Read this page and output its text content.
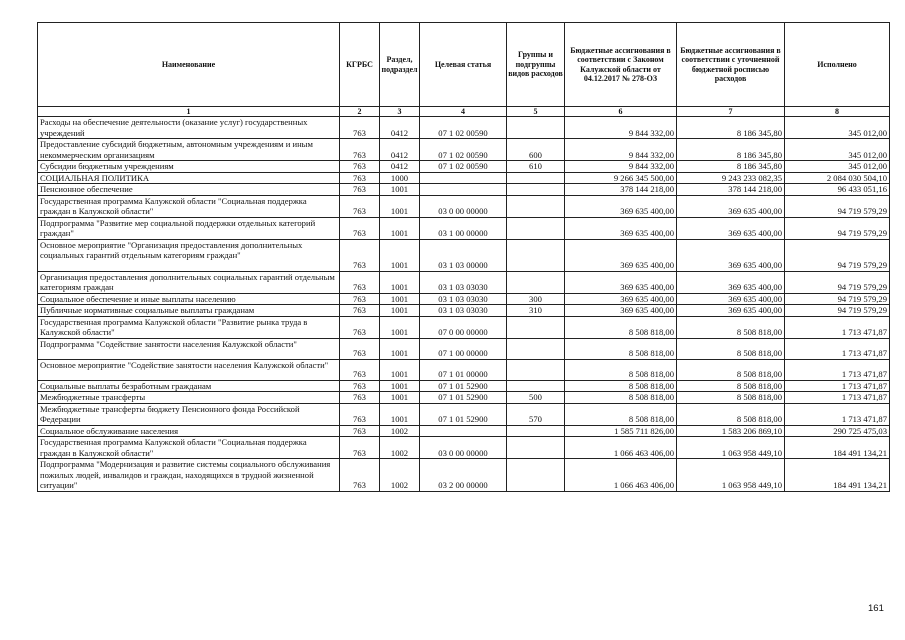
Наименование	КГРБС	Раздел, подраздел	Целевая статья	Группы и подгруппы видов расходов	Бюджетные ассигнования в соответствии с Законом Калужской области от 04.12.2017 № 278-ОЗ	Бюджетные ассигнования в соответствии с уточненной бюджетной росписью расходов	Исполнено
1	2	3	4	5	6	7	8
Расходы на обеспечение деятельности (оказание услуг) государственных учреждений	763	0412	07 1 02 00590		9 844 332,00	8 186 345,80	345 012,00
Предоставление субсидий бюджетным, автономным учреждениям и иным некоммерческим организациям	763	0412	07 1 02 00590	600	9 844 332,00	8 186 345,80	345 012,00
Субсидии бюджетным учреждениям	763	0412	07 1 02 00590	610	9 844 332,00	8 186 345,80	345 012,00
СОЦИАЛЬНАЯ ПОЛИТИКА	763	1000			9 266 345 500,00	9 243 233 082,35	2 084 030 504,10
Пенсионное обеспечение	763	1001			378 144 218,00	378 144 218,00	96 433 051,16
Государственная программа Калужской области "Социальная поддержка граждан в Калужской области"	763	1001	03 0 00 00000		369 635 400,00	369 635 400,00	94 719 579,29
Подпрограмма "Развитие мер социальной поддержки отдельных категорий граждан"	763	1001	03 1 00 00000		369 635 400,00	369 635 400,00	94 719 579,29
Основное мероприятие "Организация предоставления дополнительных социальных гарантий отдельным категориям граждан"	763	1001	03 1 03 00000		369 635 400,00	369 635 400,00	94 719 579,29
Организация предоставления дополнительных социальных гарантий отдельным категориям граждан	763	1001	03 1 03 03030		369 635 400,00	369 635 400,00	94 719 579,29
Социальное обеспечение и иные выплаты населению	763	1001	03 1 03 03030	300	369 635 400,00	369 635 400,00	94 719 579,29
Публичные нормативные социальные выплаты гражданам	763	1001	03 1 03 03030	310	369 635 400,00	369 635 400,00	94 719 579,29
Государственная программа Калужской области "Развитие рынка труда в Калужской области"	763	1001	07 0 00 00000		8 508 818,00	8 508 818,00	1 713 471,87
Подпрограмма "Содействие занятости населения Калужской области"	763	1001	07 1 00 00000		8 508 818,00	8 508 818,00	1 713 471,87
Основное мероприятие "Содействие занятости населения Калужской области"	763	1001	07 1 01 00000		8 508 818,00	8 508 818,00	1 713 471,87
Социальные выплаты безработным гражданам	763	1001	07 1 01 52900		8 508 818,00	8 508 818,00	1 713 471,87
Межбюджетные трансферты	763	1001	07 1 01 52900	500	8 508 818,00	8 508 818,00	1 713 471,87
Межбюджетные трансферты бюджету Пенсионного фонда Российской Федерации	763	1001	07 1 01 52900	570	8 508 818,00	8 508 818,00	1 713 471,87
Социальное обслуживание населения	763	1002			1 585 711 826,00	1 583 206 869,10	290 725 475,03
Государственная программа Калужской области "Социальная поддержка граждан в Калужской области"	763	1002	03 0 00 00000		1 066 463 406,00	1 063 958 449,10	184 491 134,21
Подпрограмма "Модернизация и развитие системы социального обслуживания пожилых людей, инвалидов и граждан, находящихся в трудной жизненной ситуации"	763	1002	03 2 00 00000		1 066 463 406,00	1 063 958 449,10	184 491 134,21
161
